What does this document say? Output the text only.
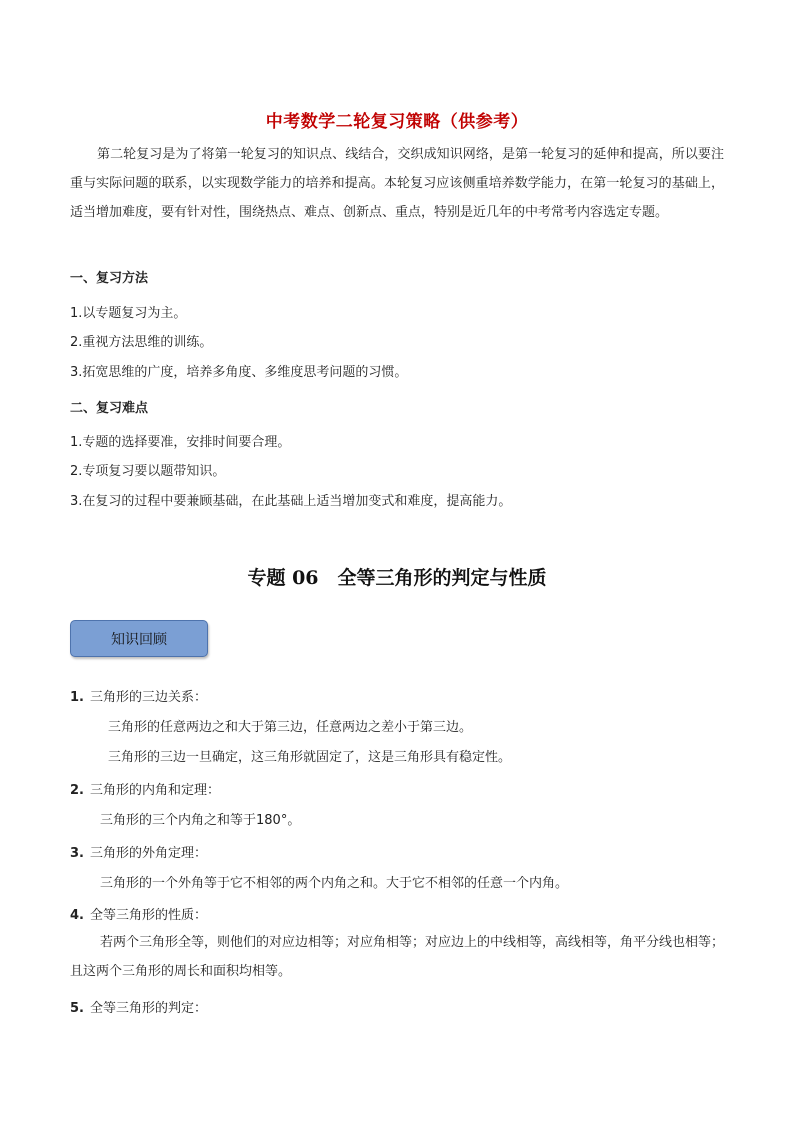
中考数学二轮复习策略（供参考）
第二轮复习是为了将第一轮复习的知识点、线结合，交织成知识网络，是第一轮复习的延伸和提高，所以要注重与实际问题的联系，以实现数学能力的培养和提高。本轮复习应该侧重培养数学能力，在第一轮复习的基础上，适当增加难度，要有针对性，围绕热点、难点、创新点、重点，特别是近几年的中考常考内容选定专题。
一、复习方法
1.以专题复习为主。
2.重视方法思维的训练。
3.拓宽思维的广度，培养多角度、多维度思考问题的习惯。
二、复习难点
1.专题的选择要准，安排时间要合理。
2.专项复习要以题带知识。
3.在复习的过程中要兼顾基础，在此基础上适当增加变式和难度，提高能力。
专题 06　全等三角形的判定与性质
知识回顾
1. 三角形的三边关系：
三角形的任意两边之和大于第三边，任意两边之差小于第三边。
三角形的三边一旦确定，这三角形就固定了，这是三角形具有稳定性。
2. 三角形的内角和定理：
三角形的三个内角之和等于180°。
3. 三角形的外角定理：
三角形的一个外角等于它不相邻的两个内角之和。大于它不相邻的任意一个内角。
4. 全等三角形的性质：
若两个三角形全等，则他们的对应边相等；对应角相等；对应边上的中线相等，高线相等，角平分线也相等；且这两个三角形的周长和面积均相等。
5. 全等三角形的判定：
